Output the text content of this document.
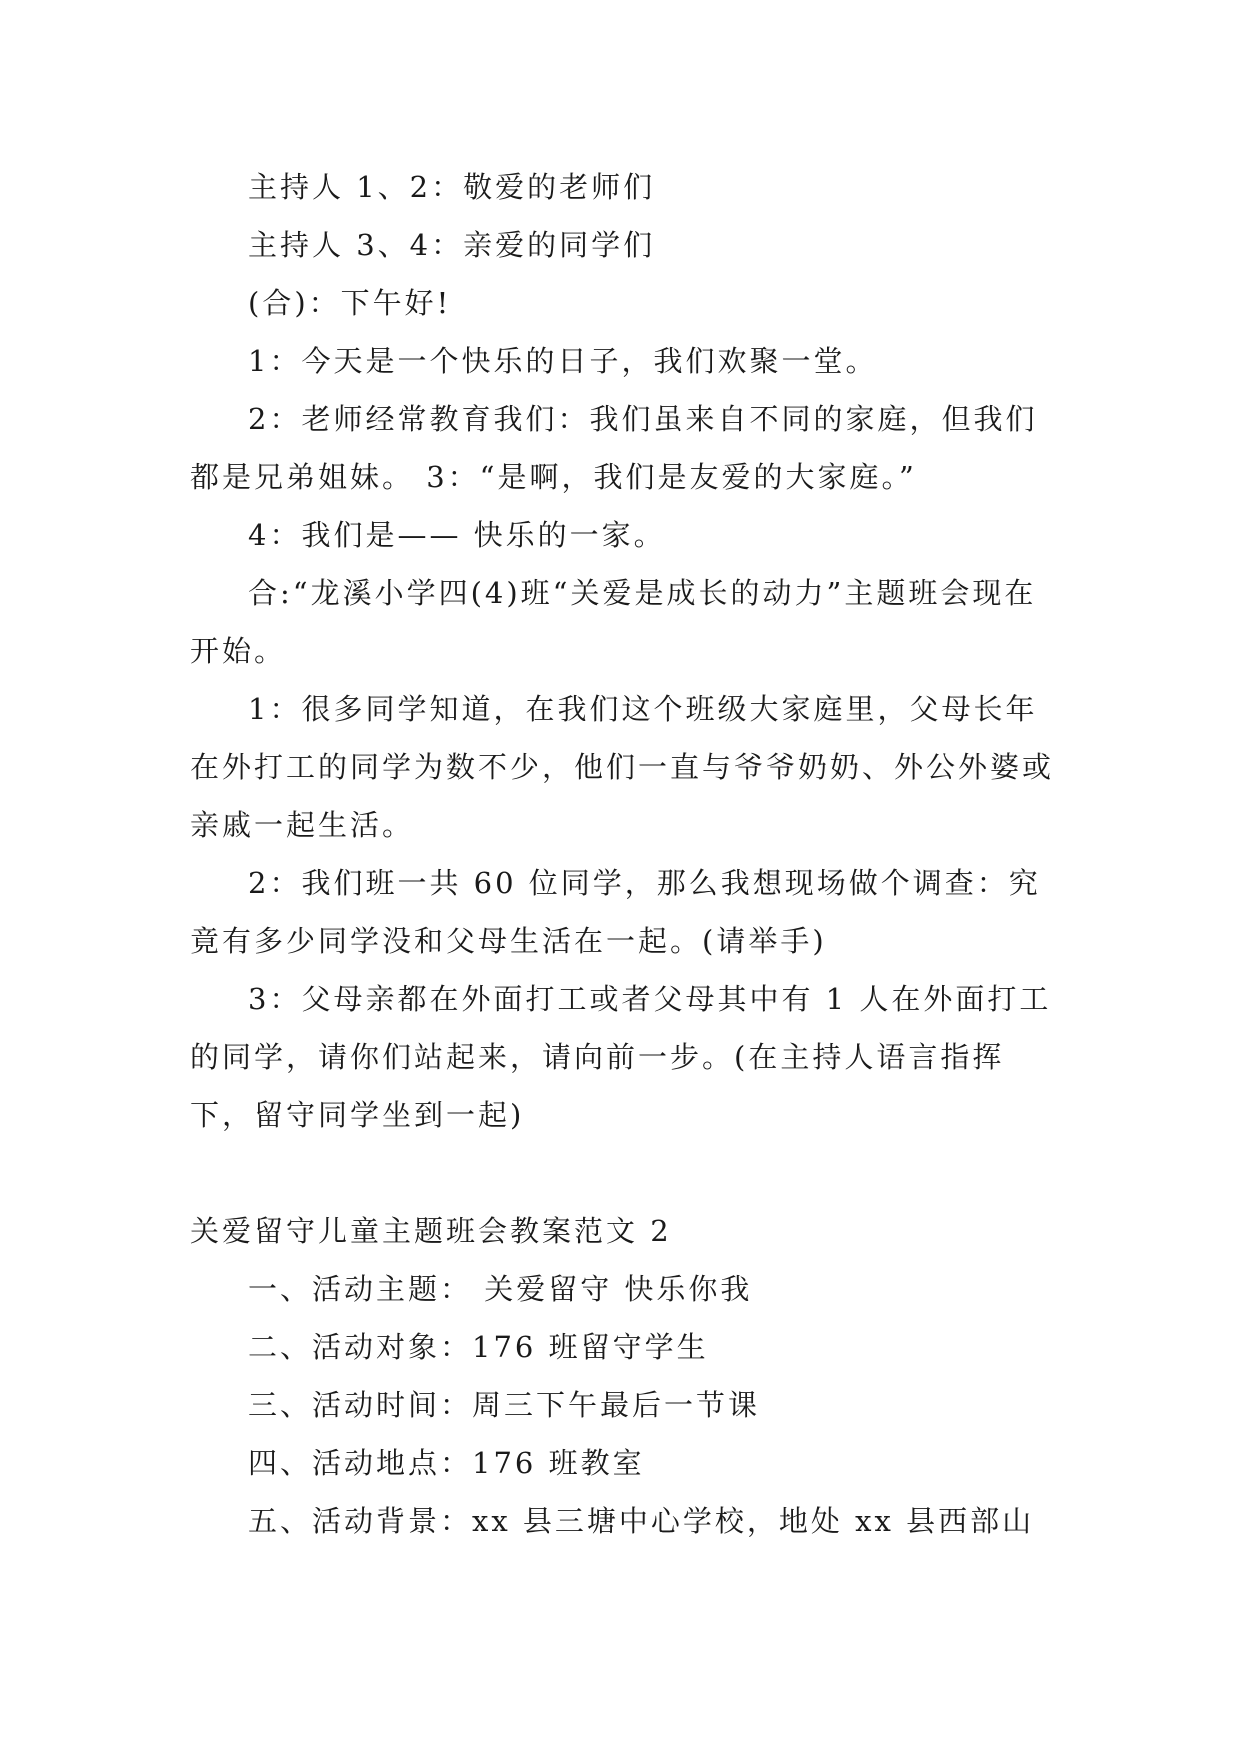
主持人 1、2：敬爱的老师们

主持人 3、4：亲爱的同学们

(合)：下午好!

1：今天是一个快乐的日子，我们欢聚一堂。

2：老师经常教育我们：我们虽来自不同的家庭，但我们都是兄弟姐妹。 3：“是啊，我们是友爱的大家庭。”

4：我们是—— 快乐的一家。

合:“龙溪小学四(4)班“关爱是成长的动力”主题班会现在开始。

1：很多同学知道，在我们这个班级大家庭里，父母长年在外打工的同学为数不少，他们一直与爷爷奶奶、外公外婆或亲戚一起生活。

2：我们班一共 60 位同学，那么我想现场做个调查：究竟有多少同学没和父母生活在一起。(请举手)

3：父母亲都在外面打工或者父母其中有 1 人在外面打工的同学，请你们站起来，请向前一步。(在主持人语言指挥下，留守同学坐到一起)

关爱留守儿童主题班会教案范文 2

一、活动主题： 关爱留守 快乐你我

二、活动对象：176 班留守学生

三、活动时间：周三下午最后一节课

四、活动地点：176 班教室

五、活动背景：xx 县三塘中心学校，地处 xx 县西部山
